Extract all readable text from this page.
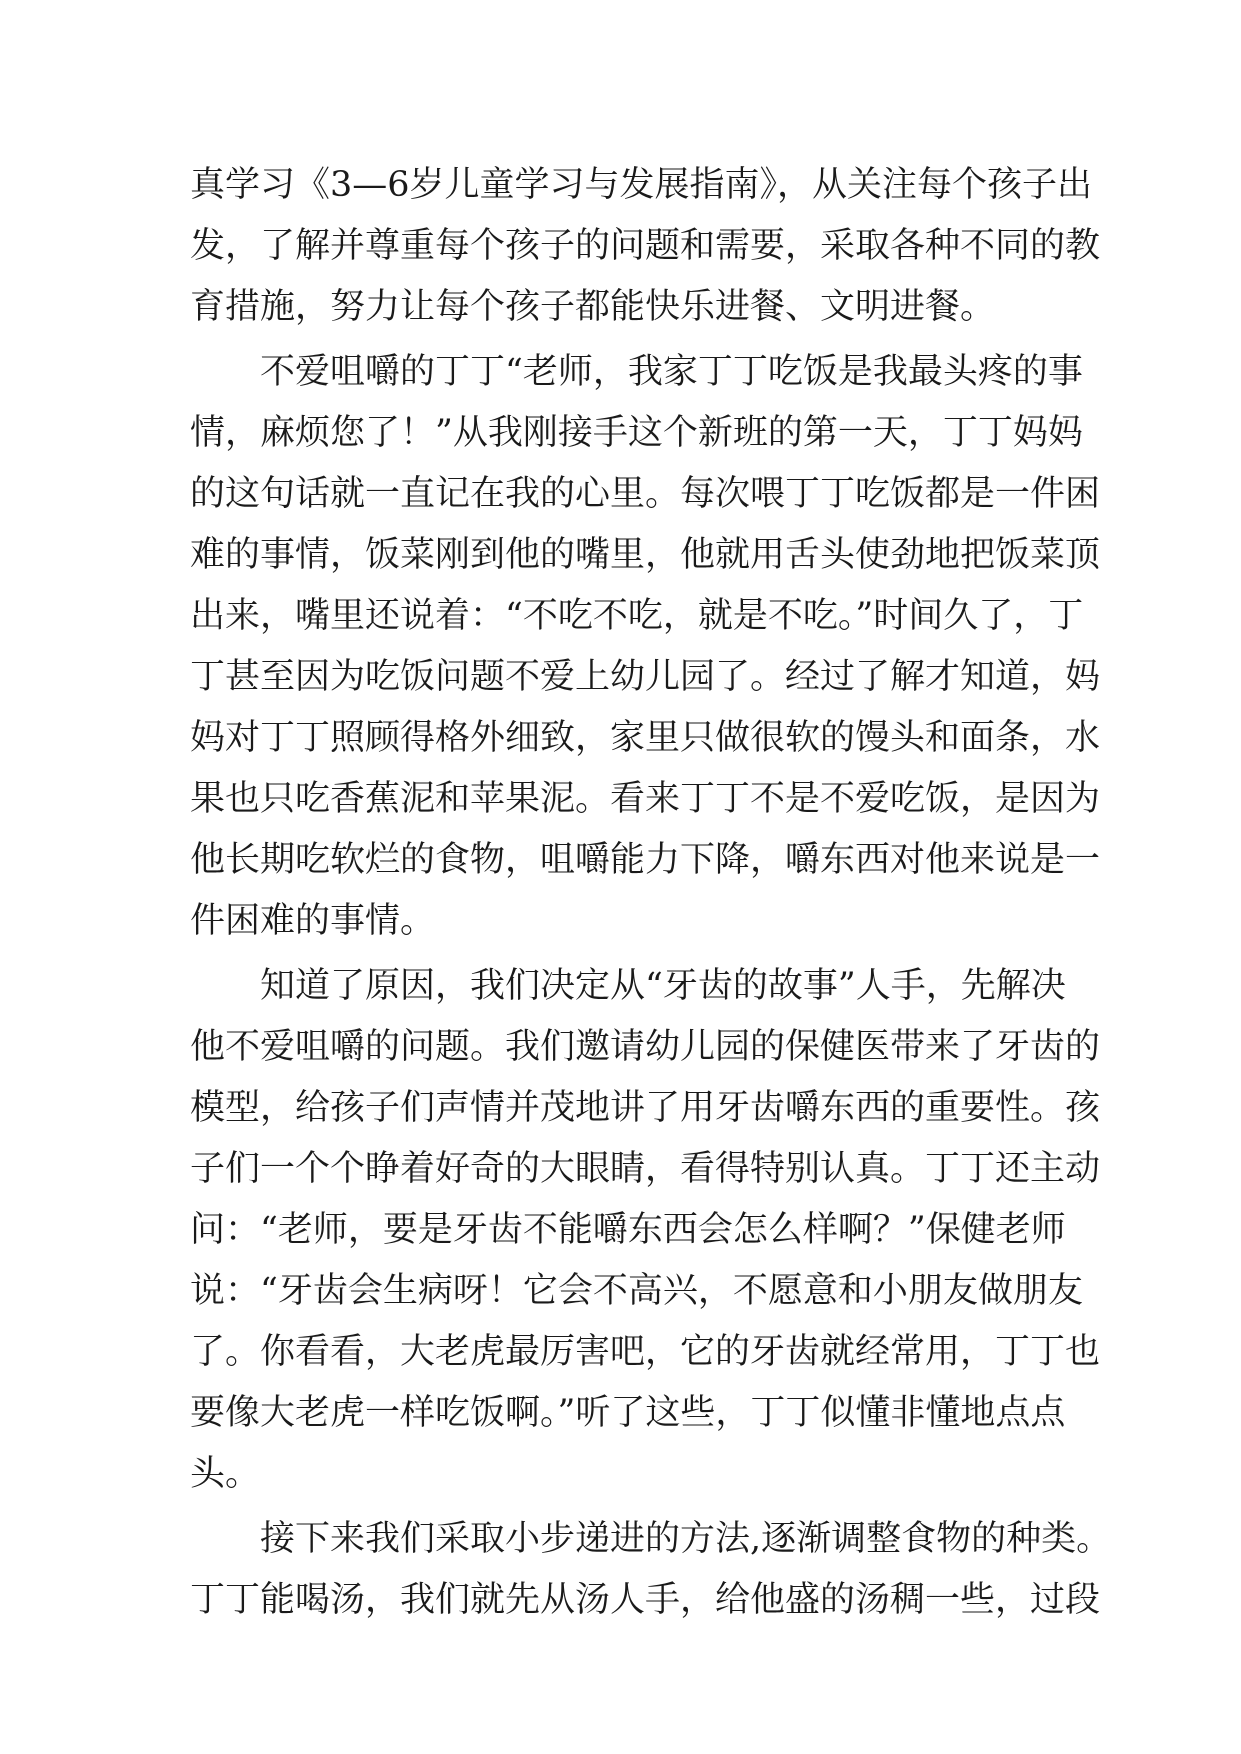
真学习《3—6岁儿童学习与发展指南》，从关注每个孩子出
发，了解并尊重每个孩子的问题和需要，采取各种不同的教
育措施，努力让每个孩子都能快乐进餐、文明进餐。
不爱咀嚼的丁丁“老师，我家丁丁吃饭是我最头疼的事
情，麻烦您了！”从我刚接手这个新班的第一天，丁丁妈妈
的这句话就一直记在我的心里。每次喂丁丁吃饭都是一件困
难的事情，饭菜刚到他的嘴里，他就用舌头使劲地把饭菜顶
出来，嘴里还说着：“不吃不吃，就是不吃。”时间久了，丁
丁甚至因为吃饭问题不爱上幼儿园了。经过了解才知道，妈
妈对丁丁照顾得格外细致，家里只做很软的馒头和面条，水
果也只吃香蕉泥和苹果泥。看来丁丁不是不爱吃饭，是因为
他长期吃软烂的食物，咀嚼能力下降，嚼东西对他来说是一
件困难的事情。
知道了原因，我们决定从“牙齿的故事”人手，先解决
他不爱咀嚼的问题。我们邀请幼儿园的保健医带来了牙齿的
模型，给孩子们声情并茂地讲了用牙齿嚼东西的重要性。孩
子们一个个睁着好奇的大眼睛，看得特别认真。丁丁还主动
问：“老师，要是牙齿不能嚼东西会怎么样啊？”保健老师
说：“牙齿会生病呀！它会不高兴，不愿意和小朋友做朋友
了。你看看，大老虎最厉害吧，它的牙齿就经常用，丁丁也
要像大老虎一样吃饭啊。”听了这些，丁丁似懂非懂地点点
头。
接下来我们采取小步递进的方法,逐渐调整食物的种类。
丁丁能喝汤，我们就先从汤人手，给他盛的汤稠一些，过段
